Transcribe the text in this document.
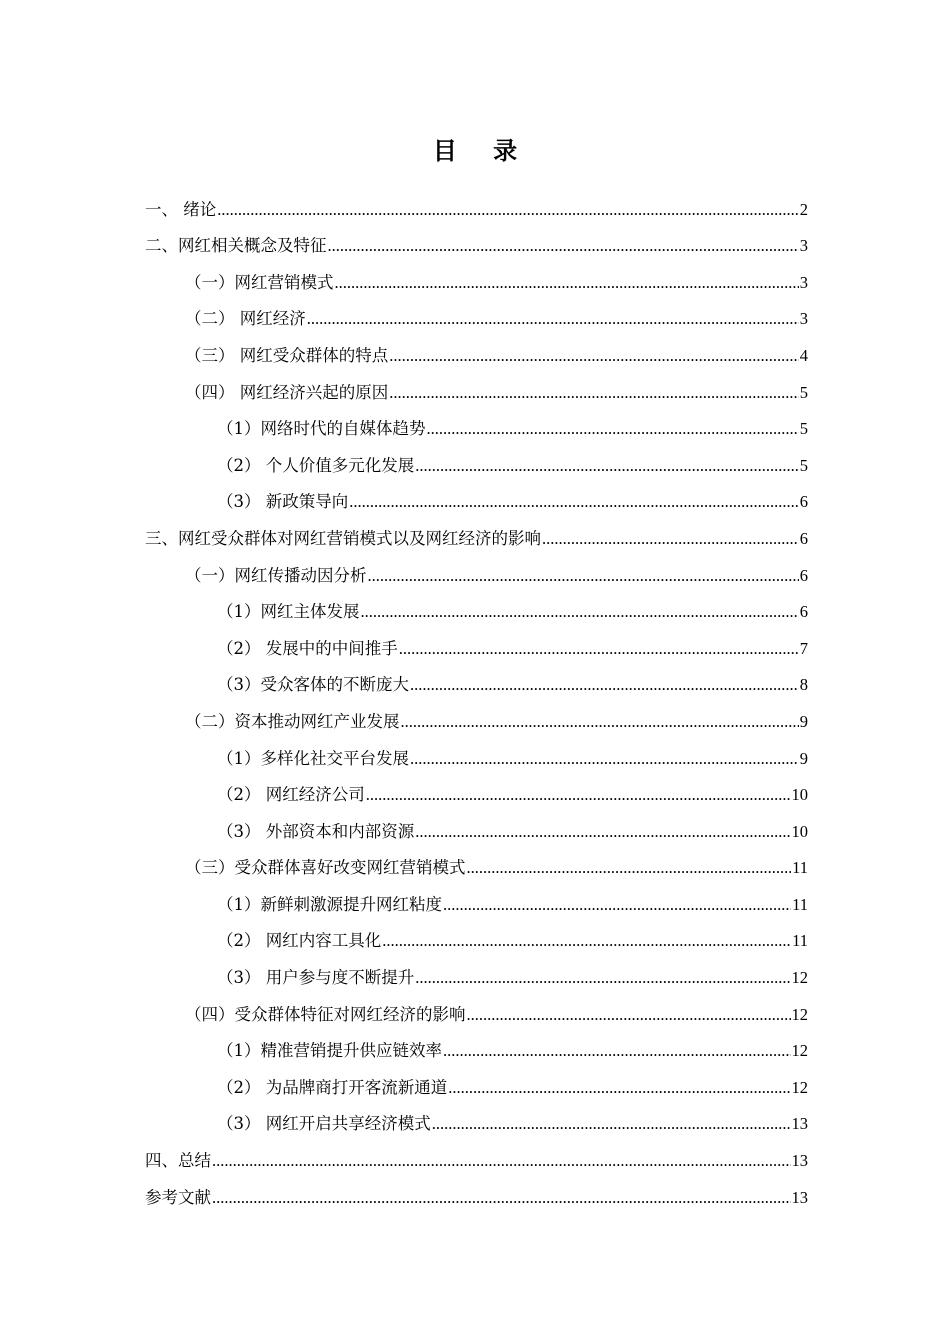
目 录
一、 绪论 .....	2
二、网红相关概念及特征 .....	3
（一）网红营销模式 .....	3
（二） 网红经济 .....	3
（三） 网红受众群体的特点 .....	4
（四） 网红经济兴起的原因 .....	5
（1）网络时代的自媒体趋势 .....	5
（2） 个人价值多元化发展 .....	5
（3） 新政策导向 .....	6
三、网红受众群体对网红营销模式以及网红经济的影响 .....	6
（一）网红传播动因分析 .....	6
（1）网红主体发展 .....	6
（2） 发展中的中间推手 .....	7
（3）受众客体的不断庞大 .....	8
（二）资本推动网红产业发展 .....	9
（1）多样化社交平台发展 .....	9
（2） 网红经济公司 .....	10
（3） 外部资本和内部资源 .....	10
（三）受众群体喜好改变网红营销模式 .....	11
（1）新鲜刺激源提升网红粘度 .....	11
（2） 网红内容工具化 .....	11
（3） 用户参与度不断提升 .....	12
（四）受众群体特征对网红经济的影响 .....	12
（1）精准营销提升供应链效率 .....	12
（2） 为品牌商打开客流新通道 .....	12
（3） 网红开启共享经济模式 .....	13
四、总结 .....	13
参考文献 .....	13
